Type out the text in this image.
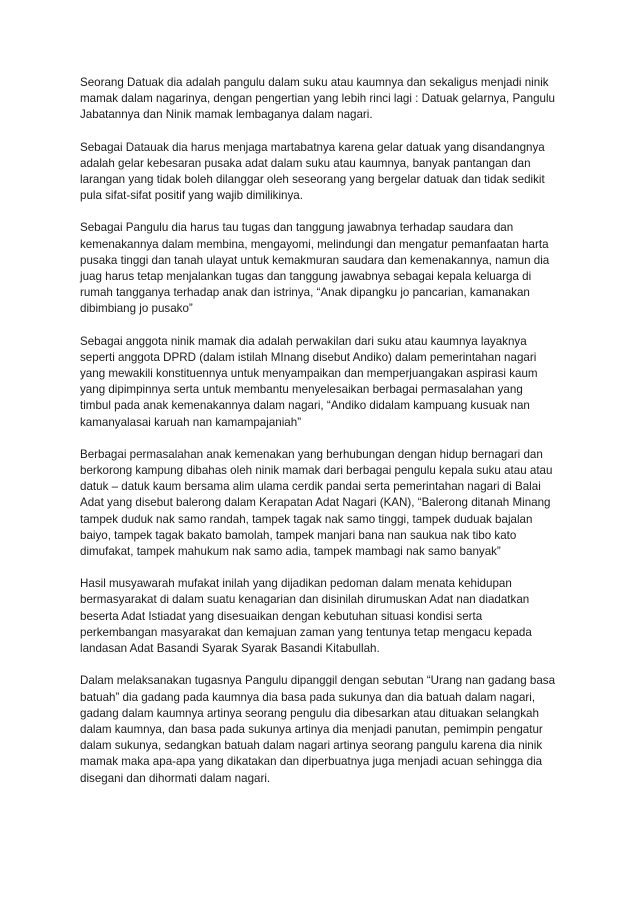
Seorang Datuak dia adalah pangulu dalam suku atau kaumnya dan sekaligus menjadi ninik
mamak dalam nagarinya, dengan pengertian yang lebih rinci lagi : Datuak gelarnya, Pangulu
Jabatannya dan Ninik mamak lembaganya dalam nagari.

Sebagai Datauak dia harus menjaga martabatnya karena gelar datuak yang disandangnya
adalah gelar kebesaran pusaka adat dalam suku atau kaumnya, banyak pantangan dan
larangan yang tidak boleh dilanggar oleh seseorang yang bergelar datuak dan tidak sedikit
pula sifat-sifat positif yang wajib dimilikinya.

Sebagai Pangulu dia harus tau tugas dan tanggung jawabnya terhadap saudara dan
kemenakannya dalam membina, mengayomi, melindungi dan mengatur pemanfaatan harta
pusaka tinggi dan tanah ulayat untuk kemakmuran saudara dan kemenakannya, namun dia
juag harus tetap menjalankan tugas dan tanggung jawabnya sebagai kepala keluarga di
rumah tangganya terhadap anak dan istrinya, “Anak dipangku jo pancarian, kamanakan
dibimbiang jo pusako”

Sebagai anggota ninik mamak dia adalah perwakilan dari suku atau kaumnya layaknya
seperti anggota DPRD (dalam istilah MInang disebut Andiko) dalam pemerintahan nagari
yang mewakili konstituennya untuk menyampaikan dan memperjuangakan aspirasi kaum
yang dipimpinnya serta untuk membantu menyelesaikan berbagai permasalahan yang
timbul pada anak kemenakannya dalam nagari, “Andiko didalam kampuang kusuak nan
kamanyalasai karuah nan kamampajaniah”

Berbagai permasalahan anak kemenakan yang berhubungan dengan hidup bernagari dan
berkorong kampung dibahas oleh ninik mamak dari berbagai pengulu kepala suku atau atau
datuk – datuk kaum bersama alim ulama cerdik pandai serta pemerintahan nagari di Balai
Adat yang disebut balerong dalam Kerapatan Adat Nagari (KAN), “Balerong ditanah Minang
tampek duduk nak samo randah, tampek tagak nak samo tinggi, tampek duduak bajalan
baiyo, tampek tagak bakato bamolah, tampek manjari bana nan saukua nak tibo kato
dimufakat, tampek mahukum nak samo adia, tampek mambagi nak samo banyak”

Hasil musyawarah mufakat inilah yang dijadikan pedoman dalam menata kehidupan
bermasyarakat di dalam suatu kenagarian dan disinilah dirumuskan Adat nan diadatkan
beserta Adat Istiadat yang disesuaikan dengan kebutuhan situasi kondisi serta
perkembangan masyarakat dan kemajuan zaman yang tentunya tetap mengacu kepada
landasan Adat Basandi Syarak Syarak Basandi Kitabullah.

Dalam melaksanakan tugasnya Pangulu dipanggil dengan sebutan “Urang nan gadang basa
batuah” dia gadang pada kaumnya dia basa pada sukunya dan dia batuah dalam nagari,
gadang dalam kaumnya artinya seorang pengulu dia dibesarkan atau dituakan selangkah
dalam kaumnya, dan basa pada sukunya artinya dia menjadi panutan, pemimpin pengatur
dalam sukunya, sedangkan batuah dalam nagari artinya seorang pangulu karena dia ninik
mamak maka apa-apa yang dikatakan dan diperbuatnya juga menjadi acuan sehingga dia
disegani dan dihormati dalam nagari.
